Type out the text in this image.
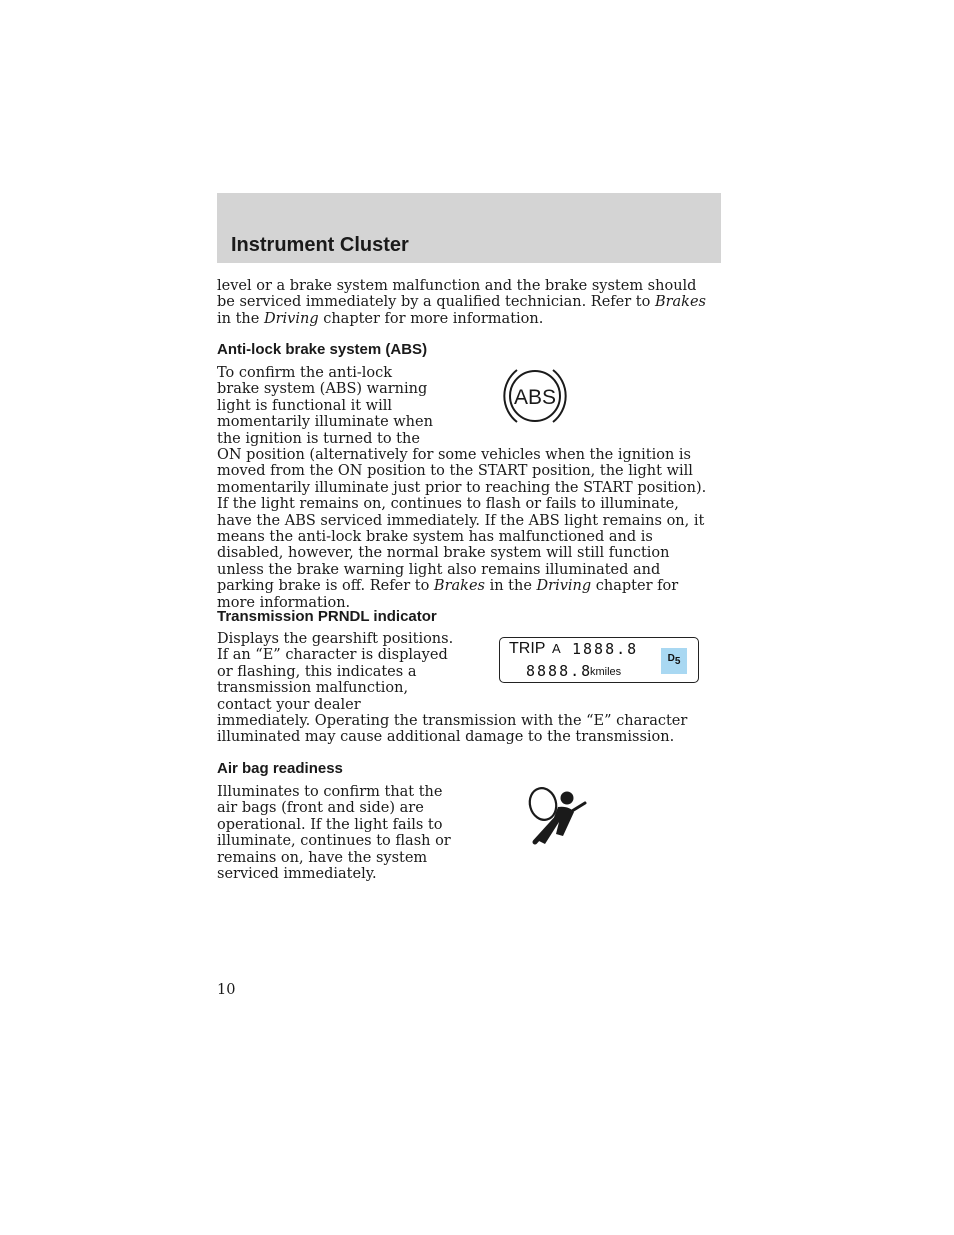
Instrument Cluster

level or a brake system malfunction and the brake system should be serviced immediately by a qualified technician. Refer to Brakes in the Driving chapter for more information.

Anti-lock brake system (ABS)
ABS

To confirm the anti-lock brake system (ABS) warning light is functional it will momentarily illuminate when the ignition is turned to the ON position (alternatively for some vehicles when the ignition is moved from the ON position to the START position, the light will momentarily illuminate just prior to reaching the START position). If the light remains on, continues to flash or fails to illuminate, have the ABS serviced immediately. If the ABS light remains on, it means the anti-lock brake system has malfunctioned and is disabled, however, the normal brake system will still function unless the brake warning light also remains illuminated and parking brake is off. Refer to Brakes in the Driving chapter for more information.

Transmission PRNDL indicator

Displays the gearshift positions. If an “E” character is displayed or flashing, this indicates a transmission malfunction, contact your dealer immediately. Operating the transmission with the “E” character illuminated may cause additional damage to the transmission.

TRIP A 1888.8
8888.8
kmiles
$D_5$
Air bag readiness

Illuminates to confirm that the air bags (front and side) are operational. If the light fails to illuminate, continues to flash or remains on, have the system serviced immediately.

10
